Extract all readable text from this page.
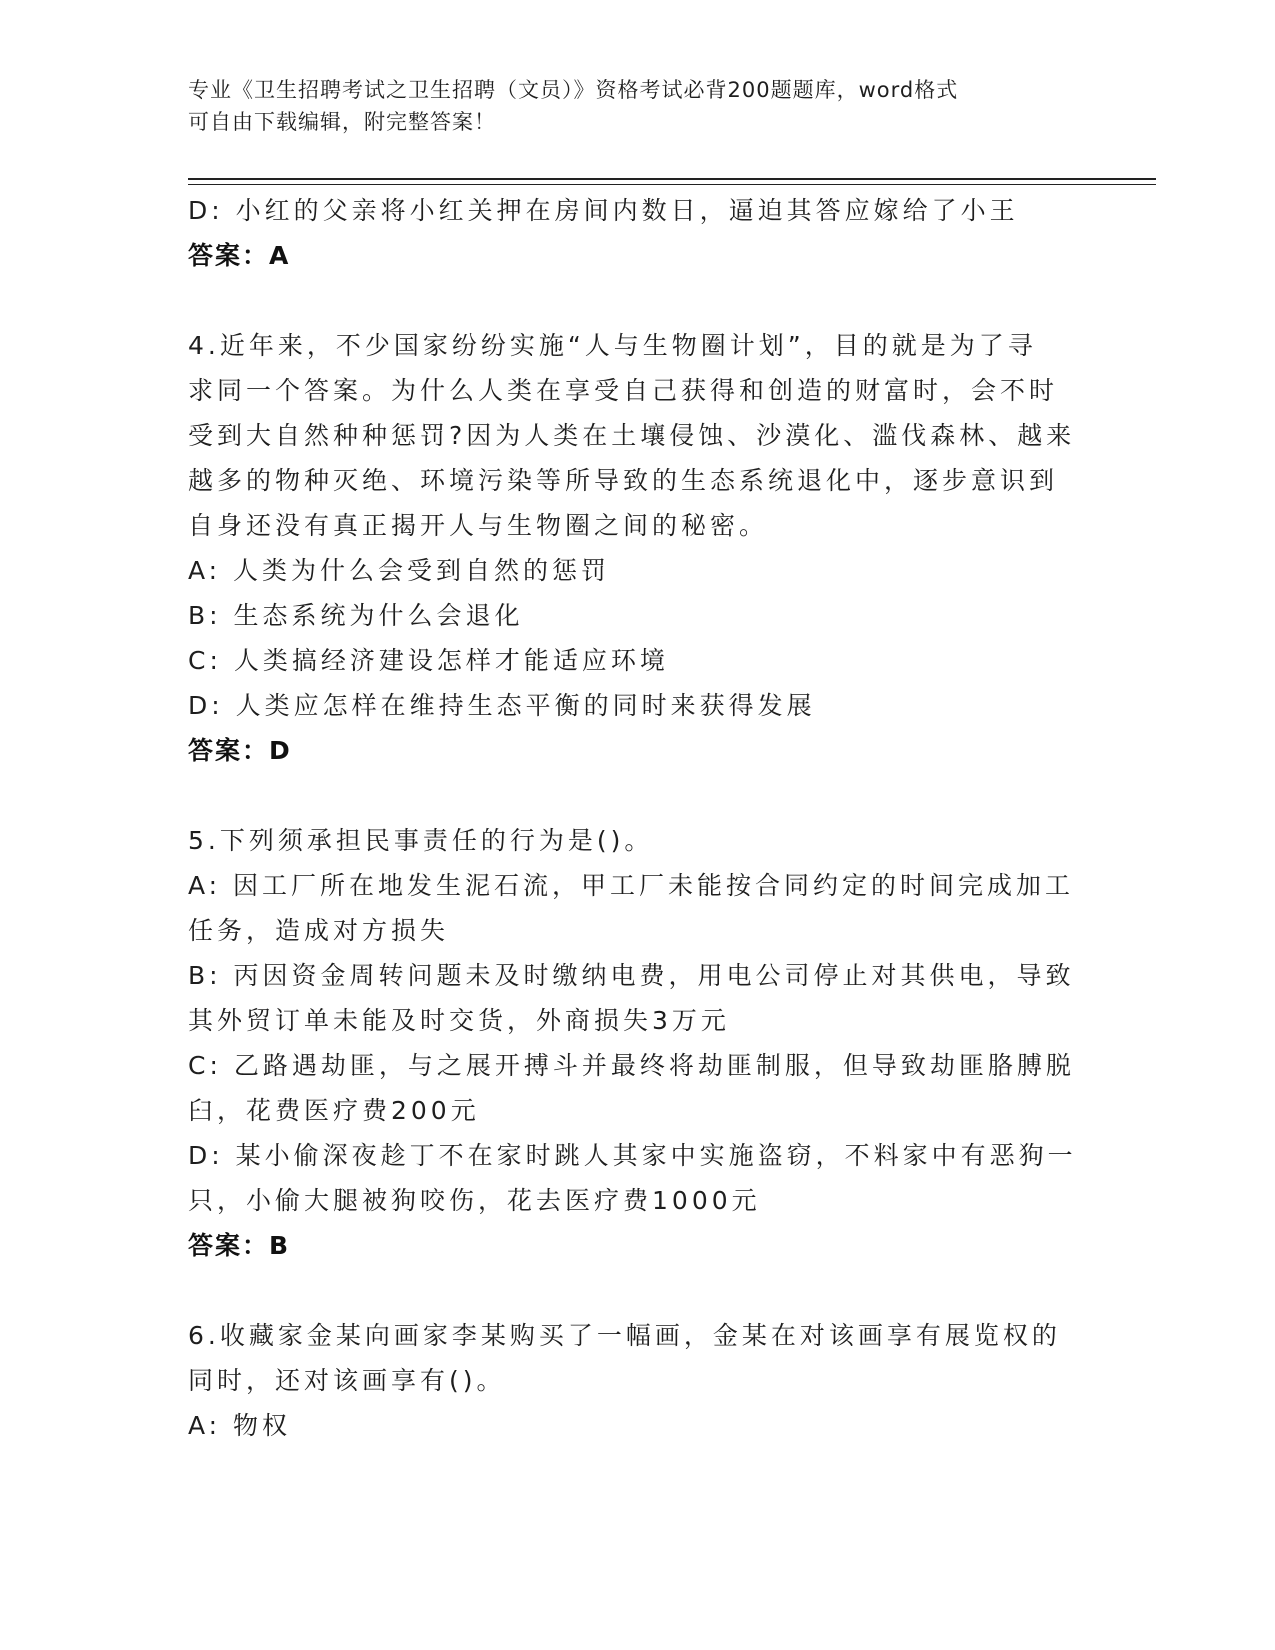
专业《卫生招聘考试之卫生招聘（文员）》资格考试必背200题题库，word格式
可自由下载编辑，附完整答案！
D: 小红的父亲将小红关押在房间内数日，逼迫其答应嫁给了小王
答案：A
4.近年来，不少国家纷纷实施“人与生物圈计划”，目的就是为了寻
求同一个答案。为什么人类在享受自己获得和创造的财富时，会不时
受到大自然种种惩罚?因为人类在土壤侵蚀、沙漠化、滥伐森林、越来
越多的物种灭绝、环境污染等所导致的生态系统退化中，逐步意识到
自身还没有真正揭开人与生物圈之间的秘密。
A: 人类为什么会受到自然的惩罚
B: 生态系统为什么会退化
C: 人类搞经济建设怎样才能适应环境
D: 人类应怎样在维持生态平衡的同时来获得发展
答案：D
5.下列须承担民事责任的行为是()。
A: 因工厂所在地发生泥石流，甲工厂未能按合同约定的时间完成加工
任务，造成对方损失
B: 丙因资金周转问题未及时缴纳电费，用电公司停止对其供电，导致
其外贸订单未能及时交货，外商损失3万元
C: 乙路遇劫匪，与之展开搏斗并最终将劫匪制服，但导致劫匪胳膊脱
臼，花费医疗费200元
D: 某小偷深夜趁丁不在家时跳人其家中实施盗窃，不料家中有恶狗一
只，小偷大腿被狗咬伤，花去医疗费1000元
答案：B
6.收藏家金某向画家李某购买了一幅画，金某在对该画享有展览权的
同时，还对该画享有()。
A: 物权
